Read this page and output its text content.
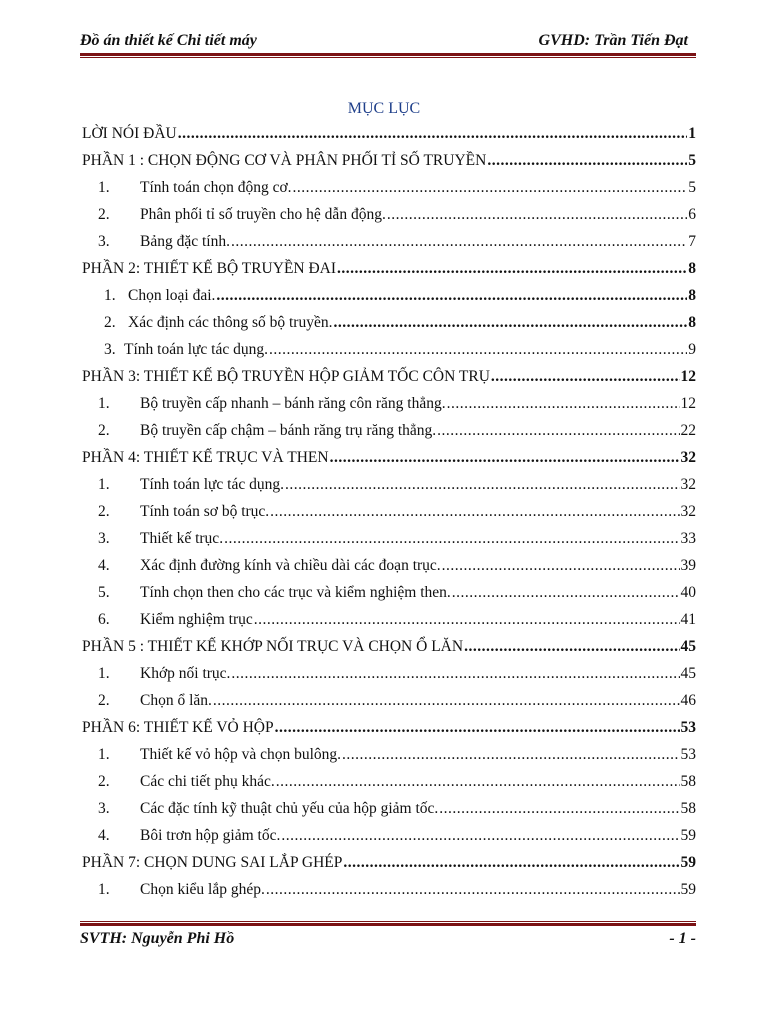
Đồ án thiết kế Chi tiết máy	GVHD: Trần Tiến Đạt
MỤC LỤC
LỜI NÓI ĐẦU .....	1
PHẦN 1 : CHỌN ĐỘNG CƠ VÀ PHÂN PHỐI TỈ SỐ TRUYỀN .....	5
1.	Tính toán chọn động cơ. .....	5
2.	Phân phối tỉ số truyền cho hệ dẫn động. .....	6
3.	Bảng đặc tính. .....	7
PHẦN 2: THIẾT KẾ BỘ TRUYỀN ĐAI .....	8
1. Chọn loại đai. .....	8
2. Xác định các thông số bộ truyền. .....	8
3. Tính toán lực tác dụng. .....	9
PHẦN 3: THIẾT KẾ BỘ TRUYỀN HỘP GIẢM TỐC CÔN TRỤ .....	12
1.	Bộ truyền cấp nhanh – bánh răng côn răng thẳng. .....	12
2.	Bộ truyền cấp chậm – bánh răng trụ răng thẳng. .....	22
PHẦN 4: THIẾT KẾ TRỤC VÀ THEN .....	32
1.	Tính toán lực tác dụng. .....	32
2.	Tính toán sơ bộ trục. .....	32
3.	Thiết kế trục. .....	33
4.	Xác định đường kính và chiều dài các đoạn trục. .....	39
5.	Tính chọn then cho các trục và kiểm nghiệm then. .....	40
6.	Kiểm nghiệm trục .....	41
PHẦN 5 : THIẾT KẾ KHỚP NỐI TRỤC VÀ CHỌN Ổ LĂN .....	45
1.	Khớp nối trục. .....	45
2.	Chọn ổ lăn. .....	46
PHẦN 6: THIẾT KẾ VỎ HỘP .....	53
1.	Thiết kế vỏ hộp và chọn bulông. .....	53
2.	Các chi tiết phụ khác. .....	58
3.	Các đặc tính kỹ thuật chủ yếu của hộp giảm tốc. .....	58
4.	Bôi trơn hộp giảm tốc. .....	59
PHẦN 7: CHỌN DUNG SAI LẮP GHÉP .....	59
1.	Chọn kiểu lắp ghép. .....	59
SVTH: Nguyễn Phi Hồ	- 1 -
